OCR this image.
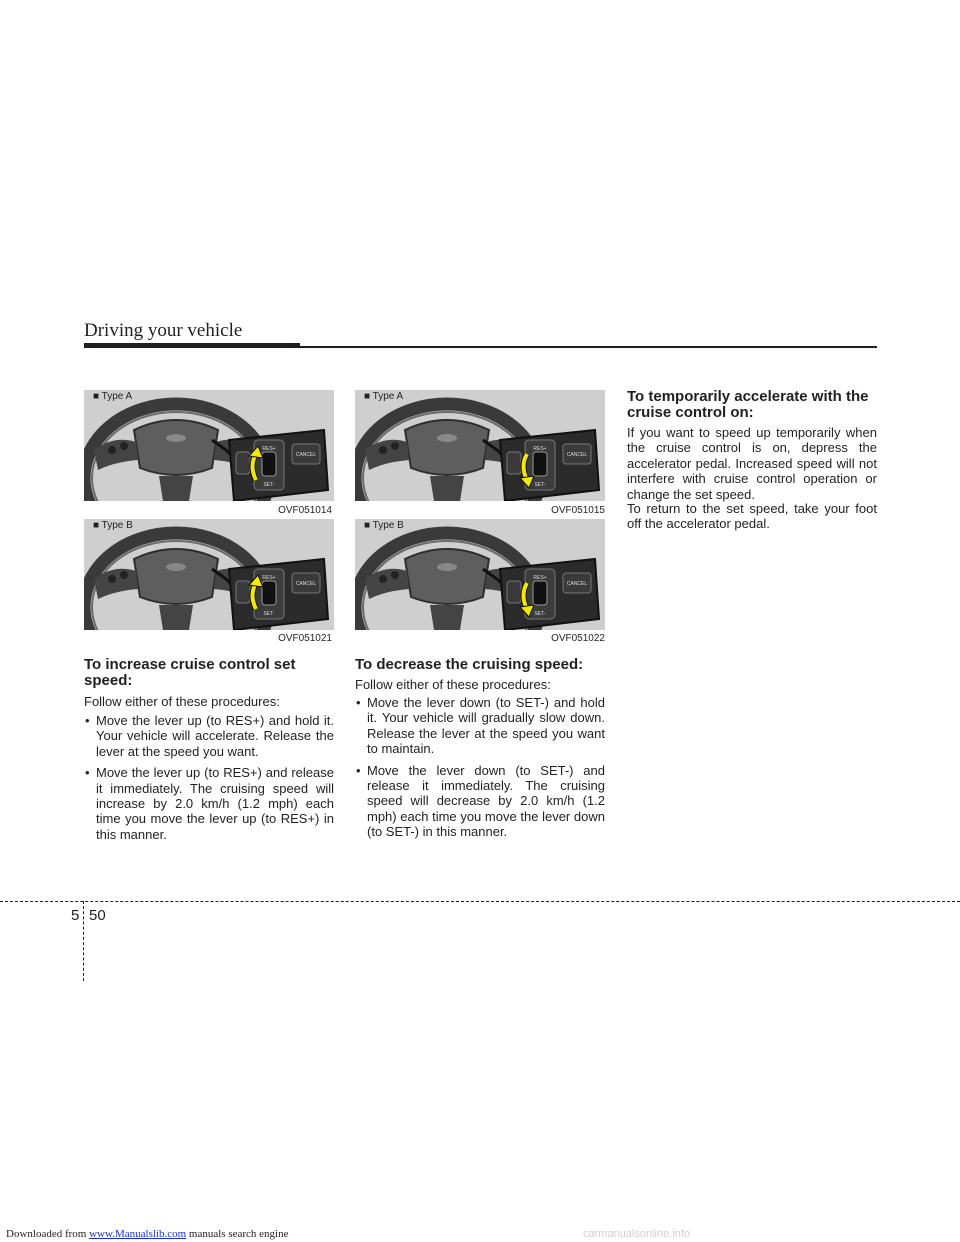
Driving your vehicle
RES+
SET-
CANCEL
■ Type A
OVF051014
RES+
SET-
CANCEL
■ Type B
OVF051021
RES+
SET-
CANCEL
■ Type A
OVF051015
RES+
SET-
CANCEL
■ Type B
OVF051022
To increase cruise control set speed:

Follow either of these procedures:

• Move the lever up (to RES+) and hold it. Your vehicle will accelerate. Release the lever at the speed you want.
• Move the lever up (to RES+) and release it immediately. The cruising speed will increase by 2.0 km/h (1.2 mph) each time you move the lever up (to RES+) in this manner.
To decrease the cruising speed:

Follow either of these procedures:

• Move the lever down (to SET-) and hold it. Your vehicle will gradually slow down. Release the lever at the speed you want to maintain.
• Move the lever down (to SET-) and release it immediately. The cruising speed will decrease by 2.0 km/h (1.2 mph) each time you move the lever down (to SET-) in this manner.
To temporarily accelerate with the cruise control on:

If you want to speed up temporarily when the cruise control is on, depress the accelerator pedal. Increased speed will not interfere with cruise control operation or change the set speed.

To return to the set speed, take your foot off the accelerator pedal.

5 50
Downloaded from www.Manualslib.com manuals search engine	carmanualsonline.info
